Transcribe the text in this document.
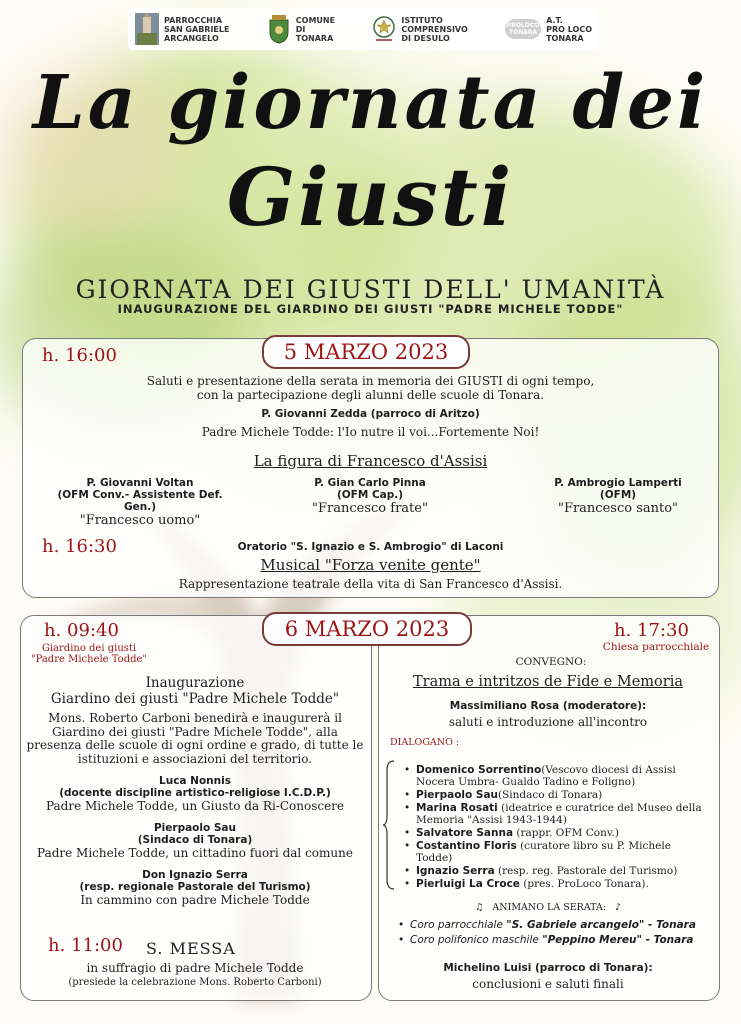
PARROCCHIA
SAN GABRIELE
ARCANGELO
COMUNE
DI
TONARA
ISTITUTO
COMPRENSIVO
DI DESULO
PROLOCO
TONARA
A.T.
PRO LOCO
TONARA
La giornata dei
Giusti
GIORNATA DEI GIUSTI DELL' UMANITÀ
INAUGURAZIONE DEL GIARDINO DEI GIUSTI "PADRE MICHELE TODDE"
5 MARZO 2023
h. 16:00
Saluti e presentazione della serata in memoria dei GIUSTI di ogni tempo,
con la partecipazione degli alunni delle scuole di Tonara.
P. Giovanni Zedda (parroco di Aritzo)
Padre Michele Todde: l'Io nutre il voi...Fortemente Noi!
La figura di Francesco d'Assisi
P. Giovanni Voltan
(OFM Conv.- Assistente Def. Gen.)
"Francesco uomo"
P. Gian Carlo Pinna
(OFM Cap.)
"Francesco frate"
P. Ambrogio Lamperti
(OFM)
"Francesco santo"
h. 16:30	Oratorio "S. Ignazio e S. Ambrogio" di Laconi
Musical "Forza venite gente"
Rappresentazione teatrale della vita di San Francesco d'Assisi.
6 MARZO 2023
h. 09:40
Giardino dei giusti
"Padre Michele Todde"
Inaugurazione
Giardino dei giusti "Padre Michele Todde"
Mons. Roberto Carboni benedirà e inaugurerà il
Giardino dei giusti "Padre Michele Todde", alla
presenza delle scuole di ogni ordine e grado, di tutte le
istituzioni e associazioni del territorio.
Luca Nonnis
(docente discipline artistico-religiose I.C.D.P.)
Padre Michele Todde, un Giusto da Ri-Conoscere
Pierpaolo Sau
(Sindaco di Tonara)
Padre Michele Todde, un cittadino fuori dal comune
Don Ignazio Serra
(resp. regionale Pastorale del Turismo)
In cammino con padre Michele Todde
h. 11:00 S. MESSA
in suffragio di padre Michele Todde
(presiede la celebrazione Mons. Roberto Carboni)
h. 17:30
Chiesa parrocchiale
CONVEGNO:
Trama e intritzos de Fide e Memoria
Massimiliano Rosa (moderatore):
saluti e introduzione all'incontro
DIALOGANO :
• Domenico Sorrentino(Vescovo diocesi di Assisi Nocera Umbra- Gualdo Tadino e Foligno)
• Pierpaolo Sau(Sindaco di Tonara)
• Marina Rosati (ideatrice e curatrice del Museo della Memoria "Assisi 1943-1944)
• Salvatore Sanna (rappr. OFM Conv.)
• Costantino Floris (curatore libro su P. Michele Todde)
• Ignazio Serra (resp. reg. Pastorale del Turismo)
• Pierluigi La Croce (pres. ProLoco Tonara).
♫ ANIMANO LA SERATA: ♪
• Coro parrocchiale "S. Gabriele arcangelo" - Tonara
• Coro polifonico maschile "Peppino Mereu" - Tonara
Michelino Luisi (parroco di Tonara):
conclusioni e saluti finali
